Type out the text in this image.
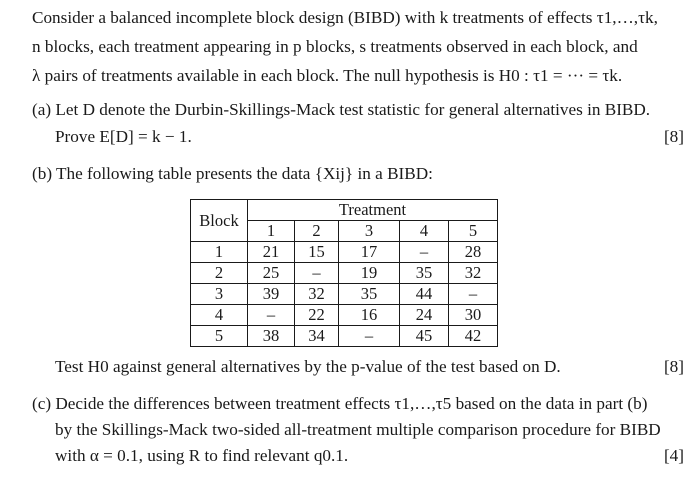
Consider a balanced incomplete block design (BIBD) with k treatments of effects τ1,…,τk,
n blocks, each treatment appearing in p blocks, s treatments observed in each block, and
λ pairs of treatments available in each block. The null hypothesis is H0 : τ1 = ··· = τk.
(a) Let D denote the Durbin-Skillings-Mack test statistic for general alternatives in BIBD.
Prove E[D] = k − 1.	[8]
(b) The following table presents the data {Xij} in a BIBD:
Block	Treatment				
	1	2	3	4	5
1	21	15	17	–	28
2	25	–	19	35	32
3	39	32	35	44	–
4	–	22	16	24	30
5	38	34	–	45	42
Test H0 against general alternatives by the p-value of the test based on D.	[8]
(c) Decide the differences between treatment effects τ1,…,τ5 based on the data in part (b)
by the Skillings-Mack two-sided all-treatment multiple comparison procedure for BIBD
with α = 0.1, using R to find relevant q0.1.	[4]
